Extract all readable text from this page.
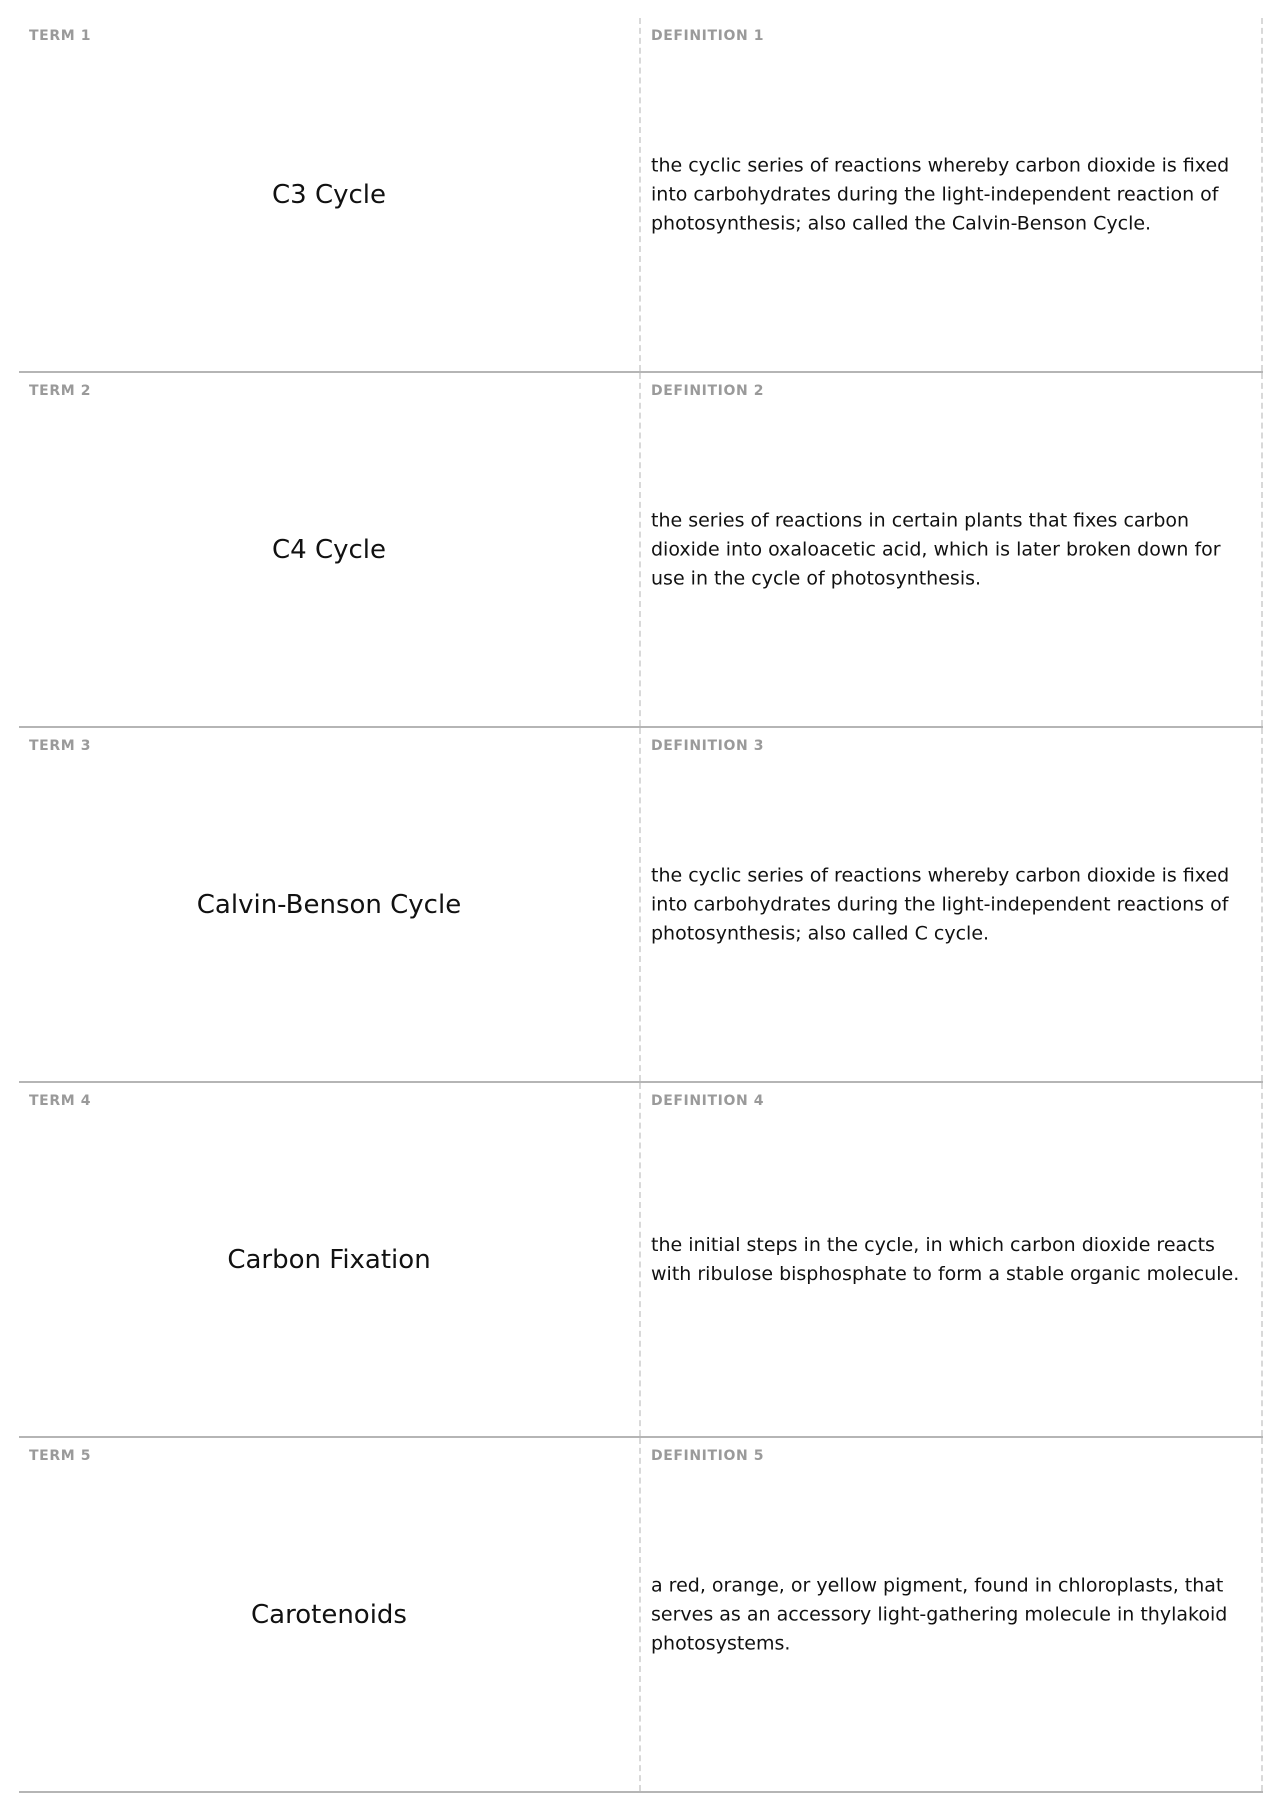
TERM 1
C3 Cycle
DEFINITION 1
the cyclic series of reactions whereby carbon dioxide is fixed into carbohydrates during the light-independent reaction of photosynthesis; also called the Calvin-Benson Cycle.
TERM 2
C4 Cycle
DEFINITION 2
the series of reactions in certain plants that fixes carbon dioxide into oxaloacetic acid, which is later broken down for use in the cycle of photosynthesis.
TERM 3
Calvin-Benson Cycle
DEFINITION 3
the cyclic series of reactions whereby carbon dioxide is fixed into carbohydrates during the light-independent reactions of photosynthesis; also called C cycle.
TERM 4
Carbon Fixation
DEFINITION 4
the initial steps in the cycle, in which carbon dioxide reacts with ribulose bisphosphate to form a stable organic molecule.
TERM 5
Carotenoids
DEFINITION 5
a red, orange, or yellow pigment, found in chloroplasts, that serves as an accessory light-gathering molecule in thylakoid photosystems.
